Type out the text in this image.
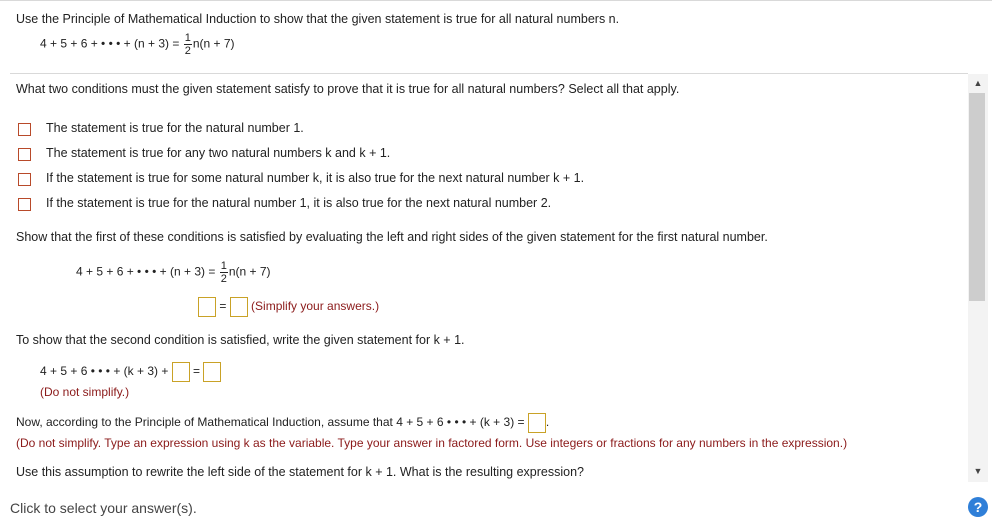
Use the Principle of Mathematical Induction to show that the given statement is true for all natural numbers n.
4 + 5 + 6 + • • • + $(n + 3) = \frac{1}{2} n(n + 7)$
▲
▼
What two conditions must the given statement satisfy to prove that it is true for all natural numbers? Select all that apply.
The statement is true for the natural number 1.
The statement is true for any two natural numbers k and k + 1.
If the statement is true for some natural number k, it is also true for the next natural number k + 1.
If the statement is true for the natural number 1, it is also true for the next natural number 2.
Show that the first of these conditions is satisfied by evaluating the left and right sides of the given statement for the first natural number.
4 + 5 + 6 + • • • + $(n + 3) = \frac{1}{2} n(n + 7)$
= (Simplify your answers.)
To show that the second condition is satisfied, write the given statement for k + 1.
4 + 5 + 6 • • • + (k + 3) + =
(Do not simplify.)
Now, according to the Principle of Mathematical Induction, assume that 4 + 5 + 6 • • • + (k + 3) = .
(Do not simplify. Type an expression using k as the variable. Type your answer in factored form. Use integers or fractions for any numbers in the expression.)
Use this assumption to rewrite the left side of the statement for k + 1. What is the resulting expression?
Click to select your answer(s).	?
